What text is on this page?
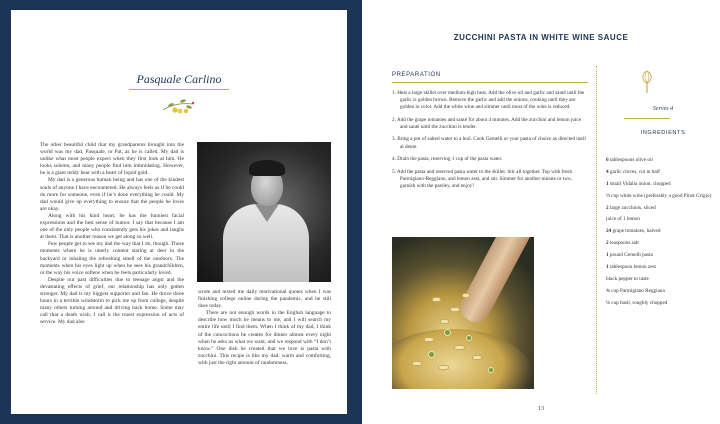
Pasquale Carlino

The other beautiful child that my grandparents brought into the world was my dad, Pasquale, or Pat, as he is called. My dad is unlike what most people expect when they first look at him. He looks solemn, and many people find him intimidating. However, he is a giant teddy bear with a heart of liquid gold.

My dad is a generous human being and has one of the kindest souls of anyone I have encountered. He always feels as if he could do more for someone, even if he’s done everything he could. My dad would give up everything to ensure that the people he loves are okay.

Along with his kind heart, he has the funniest facial expressions and the best sense of humor. I say that because I am one of the only people who consistently gets his jokes and laughs at them. That is another reason we get along so well.

Few people get to see my dad the way that I do, though. Those moments where he is utterly content staring at deer in the backyard or inhaling the refreshing smell of the outdoors. The moments when his eyes light up when he sees his grandchildren, or the way his voice softens when he feels particularly loved.

Despite our past difficulties due to teenage angst and the devastating effects of grief, our relationship has only gotten stronger. My dad is my biggest supporter and fan. He drove three hours in a terrible windstorm to pick me up from college, despite many others turning around and driving back home. Some may call that a death wish; I call it the truest expression of acts of service. My dad also

wrote and texted me daily motivational quotes when I was finishing college online during the pandemic, and he still does today.

There are not enough words in the English language to describe how much he means to me, and I will search my entire life until I find them. When I think of my dad, I think of the concoctions he creates for dinner almost every night when he asks us what we want, and we respond with “I don’t know.” One dish he created that we love is pasta with zucchini. This recipe is like my dad: warm and comforting, with just the right amount of randomness.

ZUCCHINI PASTA IN WHITE WINE SAUCE
PREPARATION
1. Heat a large skillet over medium-high heat. Add the olive oil and garlic and sauté until the garlic is golden brown. Remove the garlic and add the onions, cooking until they are golden in color. Add the white wine and simmer until most of the wine is reduced.
2. Add the grape tomatoes and sauté for about 4 minutes. Add the zucchini and lemon juice and sauté until the zucchini is tender.
3. Bring a pot of salted water to a boil. Cook Gemelli or your pasta of choice as directed until al dente.
4. Drain the pasta, reserving 1 cup of the pasta water.
5. Add the pasta and reserved pasta water to the skillet. Stir all together. Top with fresh Parmigiano-Reggiano, and lemon zest, and stir. Simmer for another minute or two, garnish with the parsley, and enjoy!
Serves 4
INGREDIENTS
6 tablespoons olive oil
4 garlic cloves, cut in half
1 small Vidalia onion, chopped
⅔ cup white wine (preferably a good Pinot Grigio)
2 large zucchinis, sliced
juice of 1 lemon
24 grape tomatoes, halved
2 teaspoons salt
1 pound Gemelli pasta
1 tablespoon lemon zest
black pepper to taste
¾ cup Parmigiano Reggiano
¼ cup basil, roughly chopped
13
